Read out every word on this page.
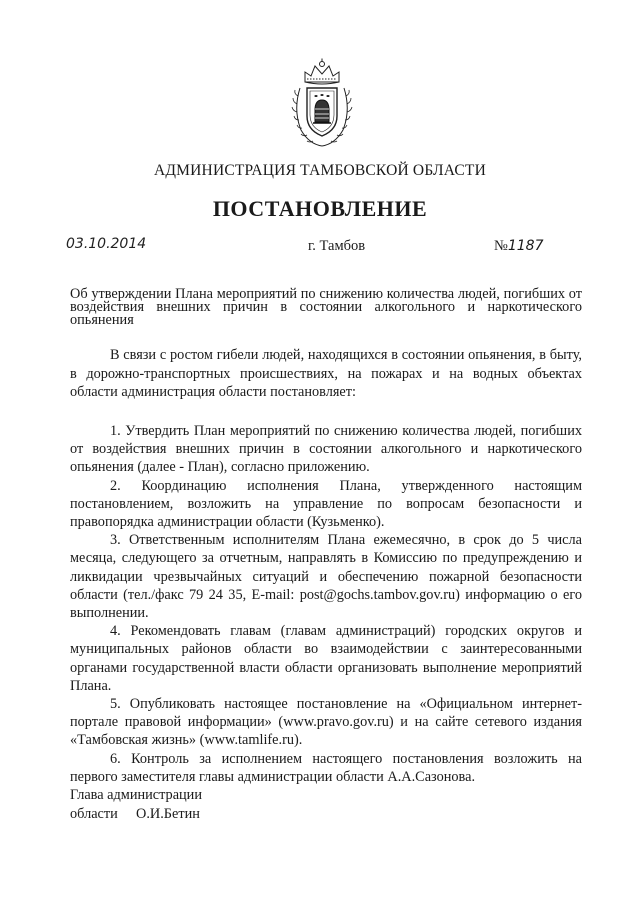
АДМИНИСТРАЦИЯ ТАМБОВСКОЙ ОБЛАСТИ
ПОСТАНОВЛЕНИЕ
03.10.2014	г. Тамбов	№1187
Об утверждении Плана мероприятий по снижению количества людей, погибших от воздействия внешних причин в состоянии алкогольного и наркотического опьянения
В связи с ростом гибели людей, находящихся в состоянии опьянения, в быту, в дорожно-транспортных происшествиях, на пожарах и на водных объектах области администрация области постановляет:

1. Утвердить План мероприятий по снижению количества людей, погибших от воздействия внешних причин в состоянии алкогольного и наркотического опьянения (далее - План), согласно приложению.

2. Координацию исполнения Плана, утвержденного настоящим постановлением, возложить на управление по вопросам безопасности и правопорядка администрации области (Кузьменко).

3. Ответственным исполнителям Плана ежемесячно, в срок до 5 числа месяца, следующего за отчетным, направлять в Комиссию по предупреждению и ликвидации чрезвычайных ситуаций и обеспечению пожарной безопасности области (тел./факс 79 24 35, E-mail: post@gochs.tambov.gov.ru) информацию о его выполнении.

4. Рекомендовать главам (главам администраций) городских округов и муниципальных районов области во взаимодействии с заинтересованными органами государственной власти области организовать выполнение мероприятий Плана.

5. Опубликовать настоящее постановление на «Официальном интернет-портале правовой информации» (www.pravo.gov.ru) и на сайте сетевого издания «Тамбовская жизнь» (www.tamlife.ru).

6. Контроль за исполнением настоящего постановления возложить на первого заместителя главы администрации области А.А.Сазонова.

Глава администрации
области О.И.Бетин
